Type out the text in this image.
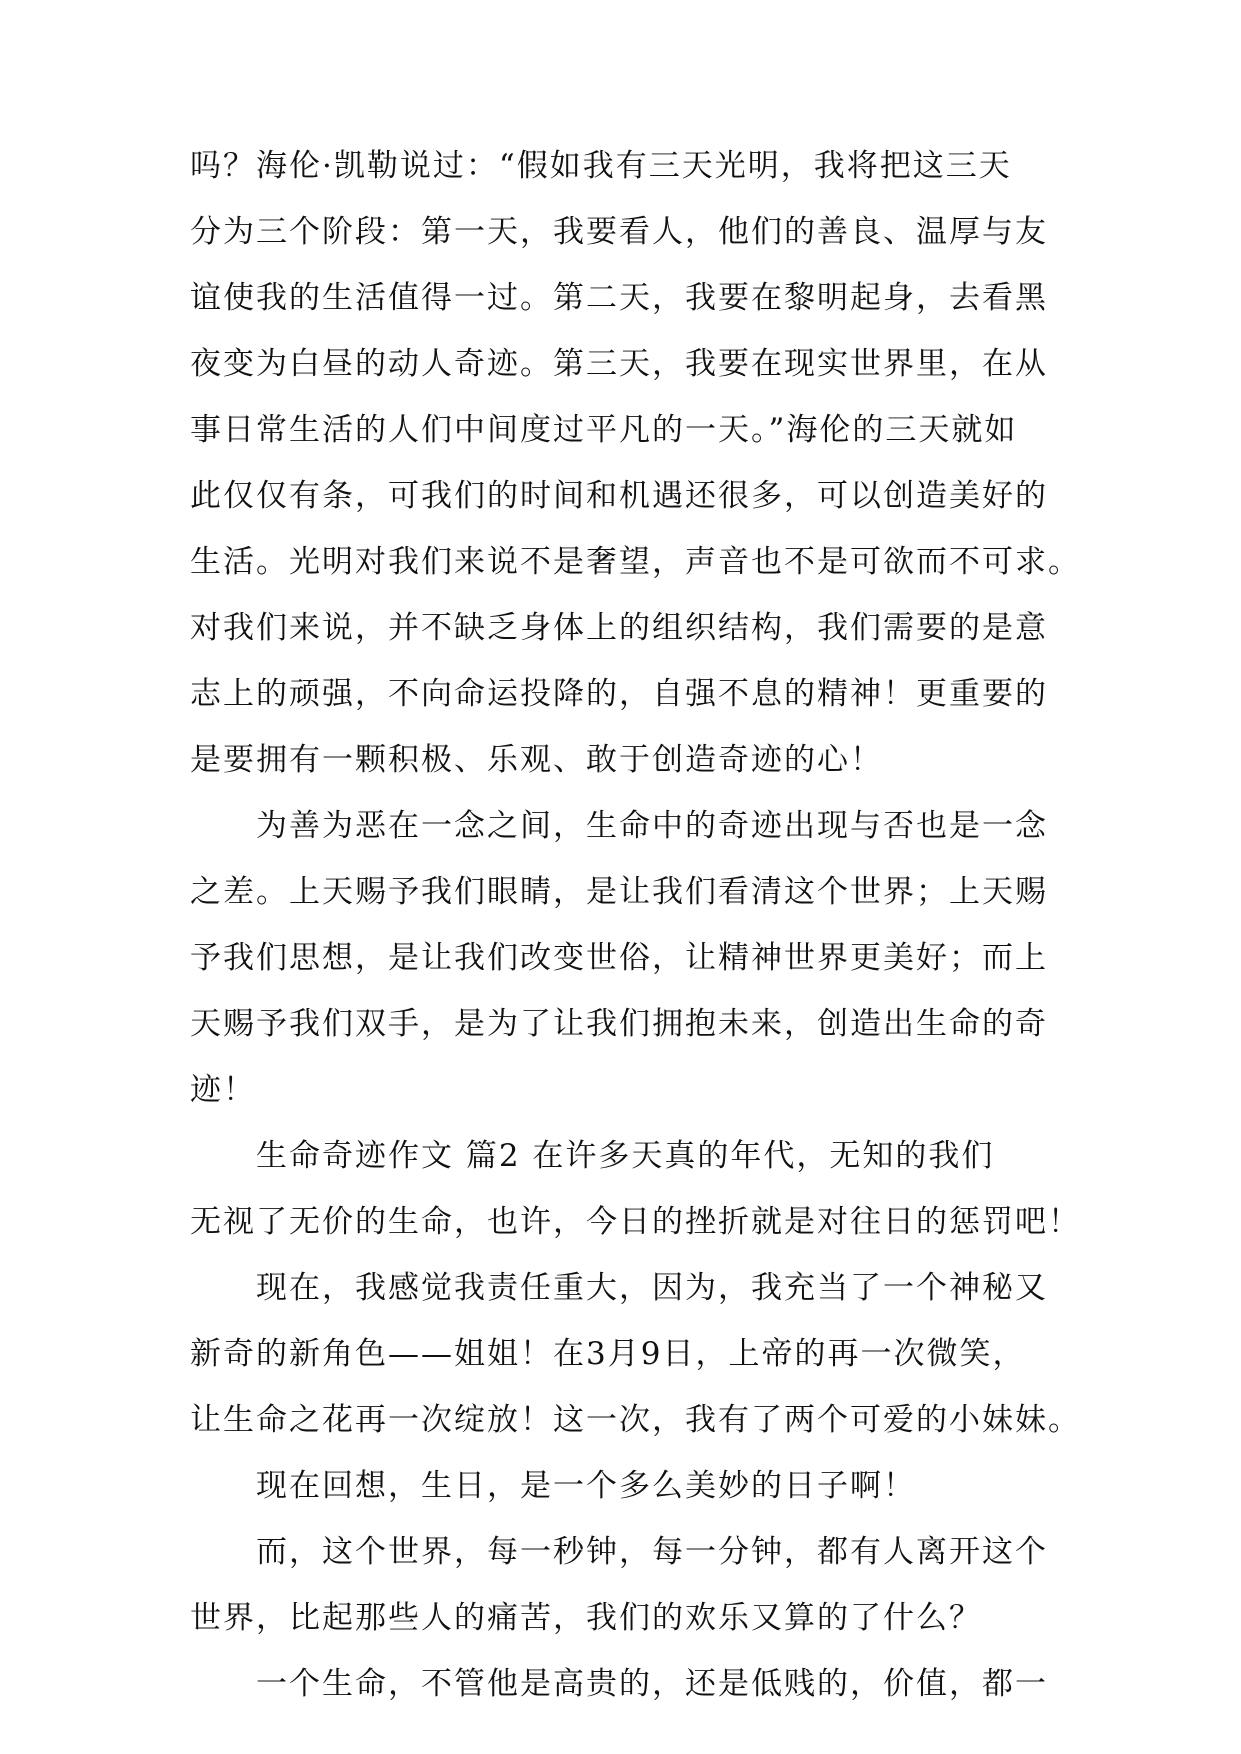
吗？海伦·凯勒说过：“假如我有三天光明，我将把这三天
分为三个阶段：第一天，我要看人，他们的善良、温厚与友
谊使我的生活值得一过。第二天，我要在黎明起身，去看黑
夜变为白昼的动人奇迹。第三天，我要在现实世界里，在从
事日常生活的人们中间度过平凡的一天。”海伦的三天就如
此仅仅有条，可我们的时间和机遇还很多，可以创造美好的
生活。光明对我们来说不是奢望，声音也不是可欲而不可求。
对我们来说，并不缺乏身体上的组织结构，我们需要的是意
志上的顽强，不向命运投降的，自强不息的精神！更重要的
是要拥有一颗积极、乐观、敢于创造奇迹的心！
为善为恶在一念之间，生命中的奇迹出现与否也是一念
之差。上天赐予我们眼睛，是让我们看清这个世界；上天赐
予我们思想，是让我们改变世俗，让精神世界更美好；而上
天赐予我们双手，是为了让我们拥抱未来，创造出生命的奇
迹！
生命奇迹作文 篇2 在许多天真的年代，无知的我们
无视了无价的生命，也许，今日的挫折就是对往日的惩罚吧！
现在，我感觉我责任重大，因为，我充当了一个神秘又
新奇的新角色——姐姐！在3月9日，上帝的再一次微笑，
让生命之花再一次绽放！这一次，我有了两个可爱的小妹妹。
现在回想，生日，是一个多么美妙的日子啊！
而，这个世界，每一秒钟，每一分钟，都有人离开这个
世界，比起那些人的痛苦，我们的欢乐又算的了什么？
一个生命，不管他是高贵的，还是低贱的，价值，都一
